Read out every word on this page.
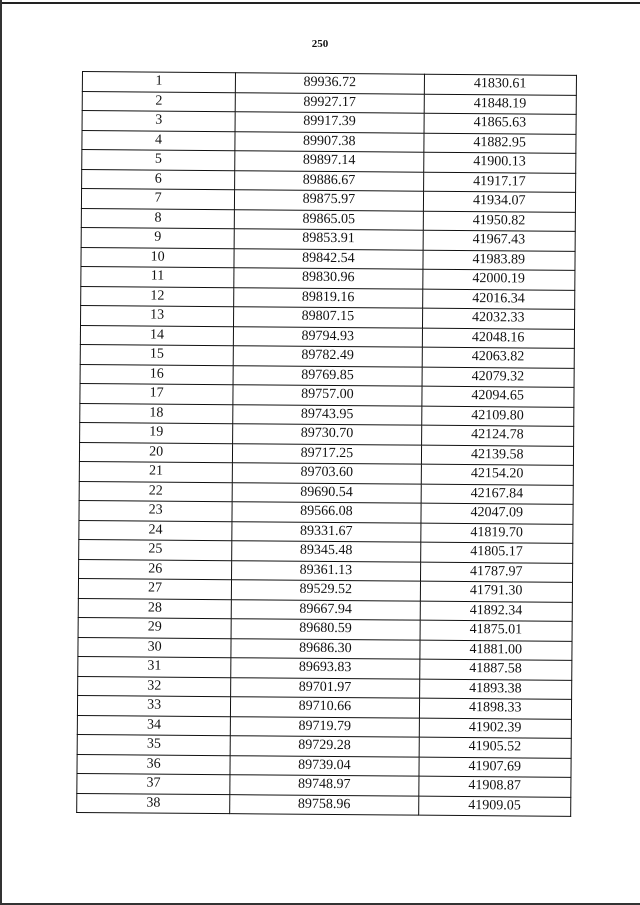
250
1	89936.72	41830.61
2	89927.17	41848.19
3	89917.39	41865.63
4	89907.38	41882.95
5	89897.14	41900.13
6	89886.67	41917.17
7	89875.97	41934.07
8	89865.05	41950.82
9	89853.91	41967.43
10	89842.54	41983.89
11	89830.96	42000.19
12	89819.16	42016.34
13	89807.15	42032.33
14	89794.93	42048.16
15	89782.49	42063.82
16	89769.85	42079.32
17	89757.00	42094.65
18	89743.95	42109.80
19	89730.70	42124.78
20	89717.25	42139.58
21	89703.60	42154.20
22	89690.54	42167.84
23	89566.08	42047.09
24	89331.67	41819.70
25	89345.48	41805.17
26	89361.13	41787.97
27	89529.52	41791.30
28	89667.94	41892.34
29	89680.59	41875.01
30	89686.30	41881.00
31	89693.83	41887.58
32	89701.97	41893.38
33	89710.66	41898.33
34	89719.79	41902.39
35	89729.28	41905.52
36	89739.04	41907.69
37	89748.97	41908.87
38	89758.96	41909.05
